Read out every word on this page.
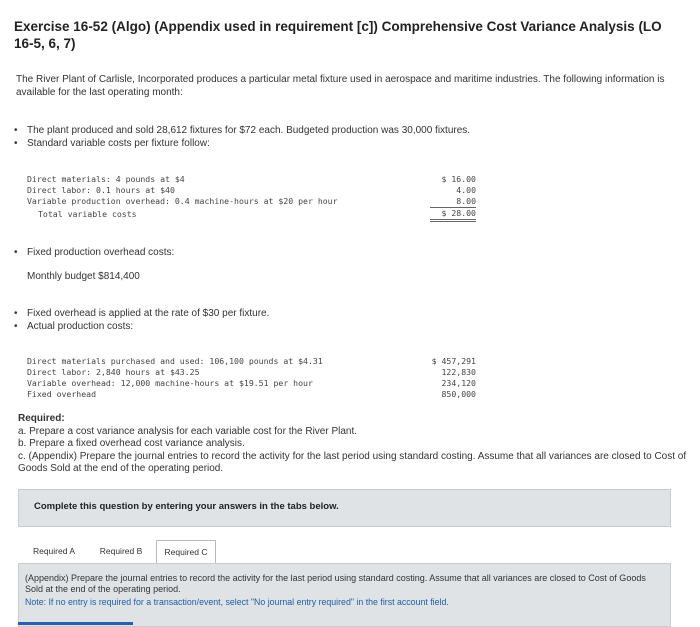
Exercise 16-52 (Algo) (Appendix used in requirement [c]) Comprehensive Cost Variance Analysis (LO 16-5, 6, 7)
The River Plant of Carlisle, Incorporated produces a particular metal fixture used in aerospace and maritime industries. The following information is available for the last operating month:
• The plant produced and sold 28,612 fixtures for $72 each. Budgeted production was 30,000 fixtures.
• Standard variable costs per fixture follow:
Direct materials: 4 pounds at $4
Direct labor: 0.1 hours at $40
Variable production overhead: 0.4 machine-hours at $20 per hour
Total variable costs
$ 16.00
4.00
8.00
$ 28.00
• Fixed production overhead costs:
Monthly budget $814,400
• Fixed overhead is applied at the rate of $30 per fixture.
• Actual production costs:
Direct materials purchased and used: 106,100 pounds at $4.31
Direct labor: 2,840 hours at $43.25
Variable overhead: 12,000 machine-hours at $19.51 per hour
Fixed overhead
$ 457,291
122,830
234,120
850,000
Required:
a. Prepare a cost variance analysis for each variable cost for the River Plant.
b. Prepare a fixed overhead cost variance analysis.
c. (Appendix) Prepare the journal entries to record the activity for the last period using standard costing. Assume that all variances are closed to Cost of Goods Sold at the end of the operating period.
Complete this question by entering your answers in the tabs below.
Required A	Required B	Required C
(Appendix) Prepare the journal entries to record the activity for the last period using standard costing. Assume that all variances are closed to Cost of Goods Sold at the end of the operating period.
Note: If no entry is required for a transaction/event, select "No journal entry required" in the first account field.
